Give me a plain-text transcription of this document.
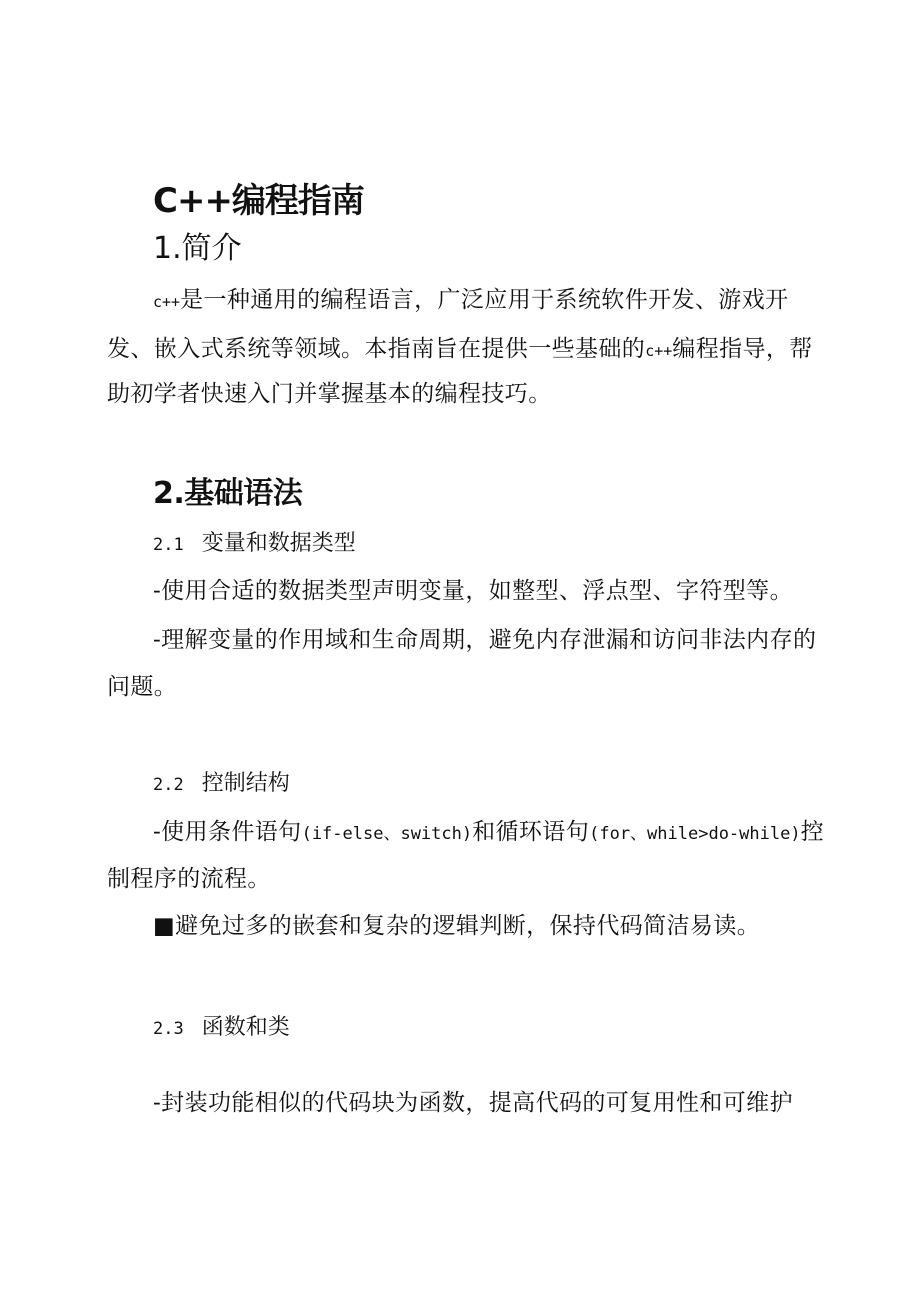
C++编程指南
1.简介
c++是一种通用的编程语言，广泛应用于系统软件开发、游戏开
发、嵌入式系统等领域。本指南旨在提供一些基础的c++编程指导，帮
助初学者快速入门并掌握基本的编程技巧。
2.基础语法
2.1 变量和数据类型
-使用合适的数据类型声明变量，如整型、浮点型、字符型等。
-理解变量的作用域和生命周期，避免内存泄漏和访问非法内存的
问题。
2.2 控制结构
-使用条件语句(if-else、switch)和循环语句(for、while>do-while)控
制程序的流程。
■避免过多的嵌套和复杂的逻辑判断，保持代码简洁易读。
2.3 函数和类
-封装功能相似的代码块为函数，提高代码的可复用性和可维护
